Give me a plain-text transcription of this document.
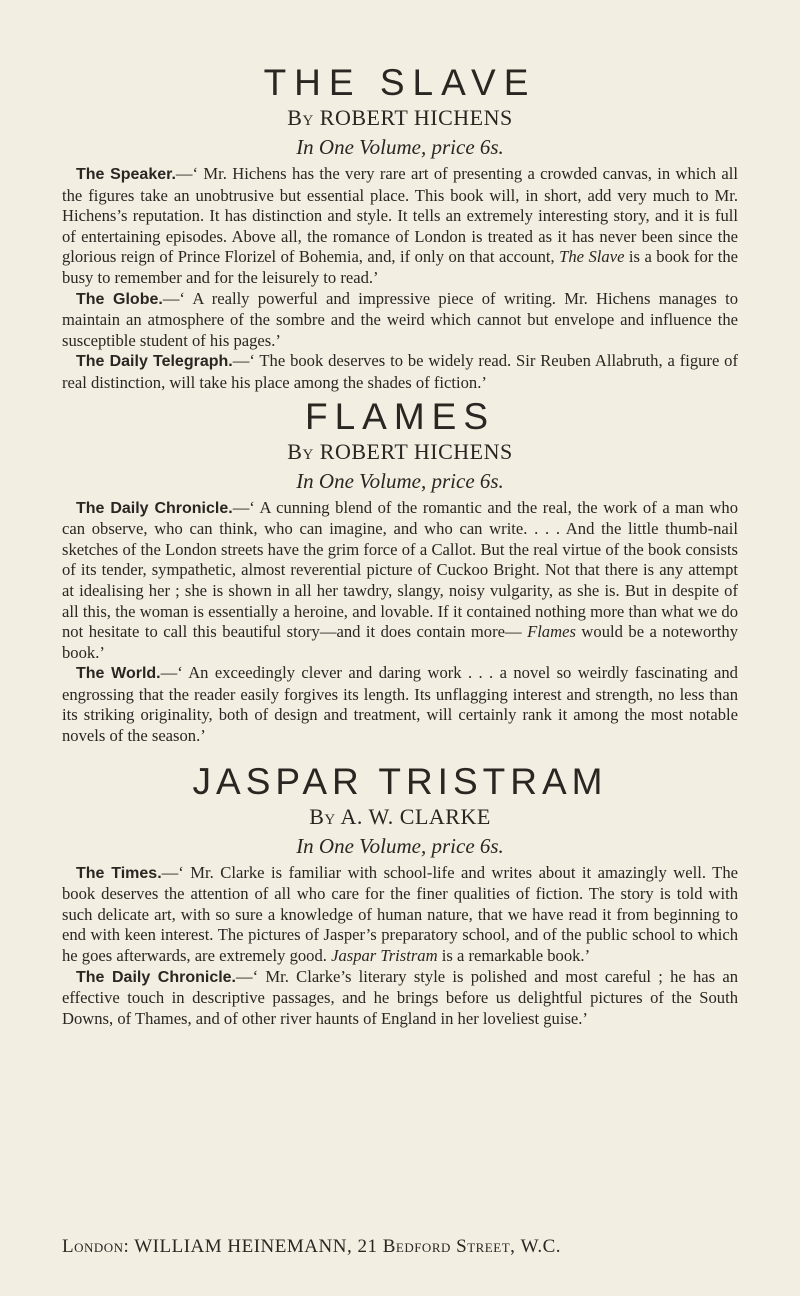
THE SLAVE

By ROBERT HICHENS

In One Volume, price 6s.

The Speaker.—‘ Mr. Hichens has the very rare art of presenting a crowded canvas, in which all the figures take an unobtrusive but essential place. This book will, in short, add very much to Mr. Hichens’s reputation. It has distinction and style. It tells an extremely interesting story, and it is full of entertaining episodes. Above all, the romance of London is treated as it has never been since the glorious reign of Prince Florizel of Bohemia, and, if only on that account, The Slave is a book for the busy to remember and for the leisurely to read.’

The Globe.—‘ A really powerful and impressive piece of writing. Mr. Hichens manages to maintain an atmosphere of the sombre and the weird which cannot but envelope and influence the susceptible student of his pages.’

The Daily Telegraph.—‘ The book deserves to be widely read. Sir Reuben Allabruth, a figure of real distinction, will take his place among the shades of fiction.’

FLAMES

By ROBERT HICHENS

In One Volume, price 6s.

The Daily Chronicle.—‘ A cunning blend of the romantic and the real, the work of a man who can observe, who can think, who can imagine, and who can write. . . . And the little thumb-nail sketches of the London streets have the grim force of a Callot. But the real virtue of the book consists of its tender, sympathetic, almost reverential picture of Cuckoo Bright. Not that there is any attempt at idealising her ; she is shown in all her tawdry, slangy, noisy vulgarity, as she is. But in despite of all this, the woman is essentially a heroine, and lovable. If it contained nothing more than what we do not hesitate to call this beautiful story—and it does contain more— Flames would be a noteworthy book.’

The World.—‘ An exceedingly clever and daring work . . . a novel so weirdly fascinating and engrossing that the reader easily forgives its length. Its unflagging interest and strength, no less than its striking originality, both of design and treatment, will certainly rank it among the most notable novels of the season.’

JASPAR TRISTRAM

By A. W. CLARKE

In One Volume, price 6s.

The Times.—‘ Mr. Clarke is familiar with school-life and writes about it amazingly well. The book deserves the attention of all who care for the finer qualities of fiction. The story is told with such delicate art, with so sure a knowledge of human nature, that we have read it from beginning to end with keen interest. The pictures of Jasper’s preparatory school, and of the public school to which he goes afterwards, are extremely good. Jaspar Tristram is a remarkable book.’

The Daily Chronicle.—‘ Mr. Clarke’s literary style is polished and most careful ; he has an effective touch in descriptive passages, and he brings before us delightful pictures of the South Downs, of Thames, and of other river haunts of England in her loveliest guise.’

London: WILLIAM HEINEMANN, 21 Bedford Street, W.C.
